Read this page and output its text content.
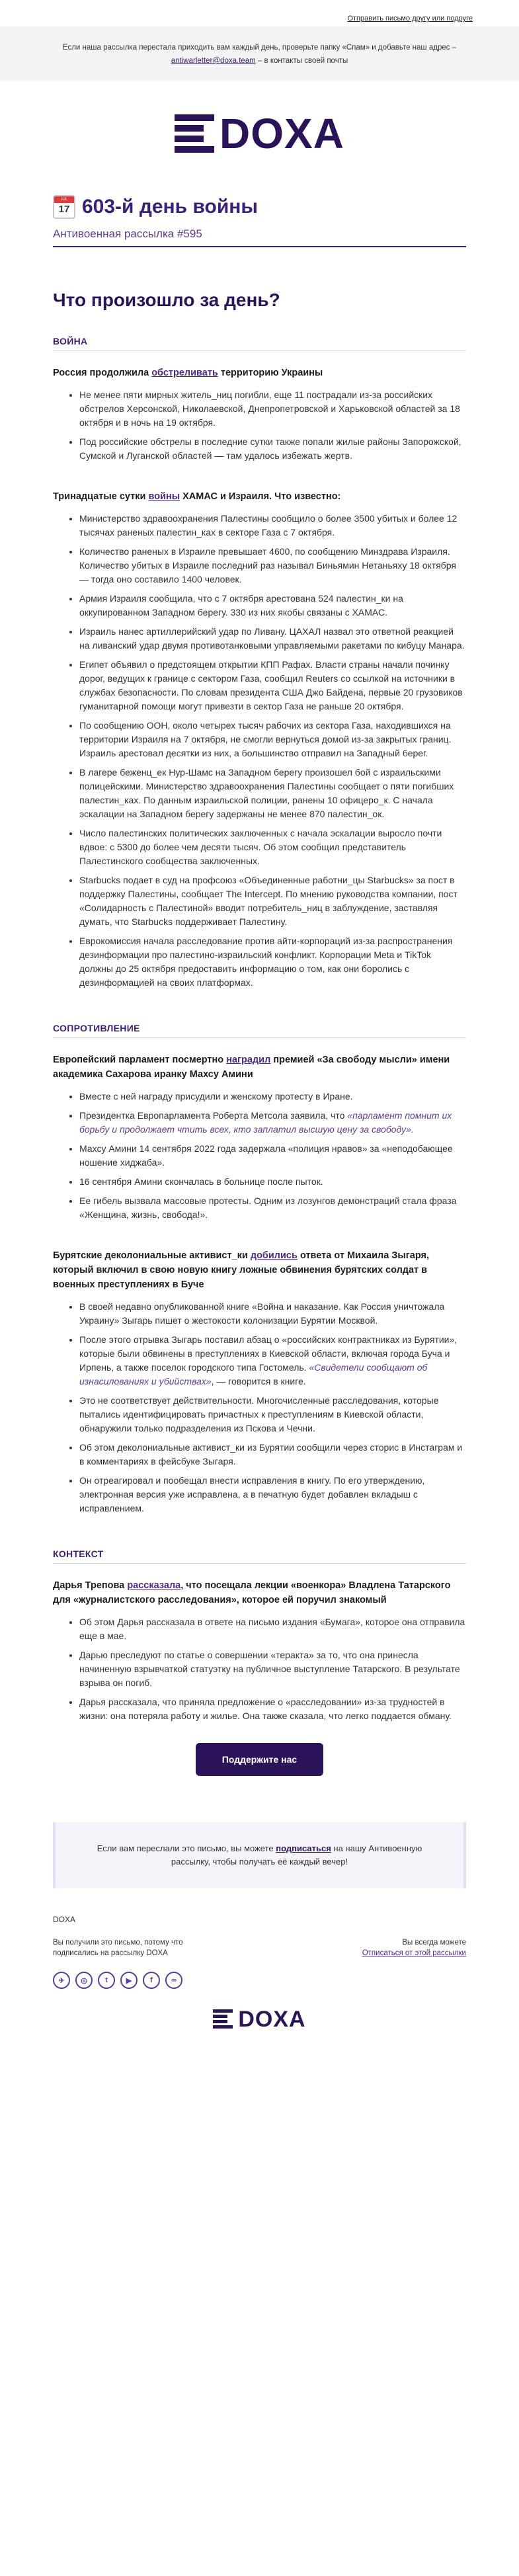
Отправить письмо другу или подруге
Если наша рассылка перестала приходить вам каждый день, проверьте папку «Спам» и добавьте наш адрес – antiwarletter@doxa.team – в контакты своей почты
DOXA
JUL
17 603-й день войны
Антивоенная рассылка #595
Что произошло за день?
ВОЙНА

Россия продолжила обстреливать территорию Украины

• Не менее пяти мирных житель_ниц погибли, еще 11 пострадали из-за российских обстрелов Херсонской, Николаевской, Днепропетровской и Харьковской областей за 18 октября и в ночь на 19 октября.
• Под российские обстрелы в последние сутки также попали жилые районы Запорожской, Сумской и Луганской областей — там удалось избежать жертв.

Тринадцатые сутки войны ХАМАС и Израиля. Что известно:

• Министерство здравоохранения Палестины сообщило о более 3500 убитых и более 12 тысячах раненых палестин_ках в секторе Газа с 7 октября.
• Количество раненых в Израиле превышает 4600, по сообщению Минздрава Израиля. Количество убитых в Израиле последний раз называл Биньямин Нетаньяху 18 октября — тогда оно составило 1400 человек.
• Армия Израиля сообщила, что с 7 октября арестована 524 палестин_ки на оккупированном Западном берегу. 330 из них якобы связаны с ХАМАС.
• Израиль нанес артиллерийский удар по Ливану. ЦАХАЛ назвал это ответной реакцией на ливанский удар двумя противотанковыми управляемыми ракетами по кибуцу Манара.
• Египет объявил о предстоящем открытии КПП Рафах. Власти страны начали починку дорог, ведущих к границе с сектором Газа, сообщил Reuters со ссылкой на источники в службах безопасности. По словам президента США Джо Байдена, первые 20 грузовиков гуманитарной помощи могут привезти в сектор Газа не раньше 20 октября.
• По сообщению ООН, около четырех тысяч рабочих из сектора Газа, находившихся на территории Израиля на 7 октября, не смогли вернуться домой из-за закрытых границ. Израиль арестовал десятки из них, а большинство отправил на Западный берег.
• В лагере беженц_ек Нур-Шамс на Западном берегу произошел бой с израильскими полицейскими. Министерство здравоохранения Палестины сообщает о пяти погибших палестин_ках. По данным израильской полиции, ранены 10 офицеро_к. С начала эскалации на Западном берегу задержаны не менее 870 палестин_ок.
• Число палестинских политических заключенных с начала эскалации выросло почти вдвое: с 5300 до более чем десяти тысяч. Об этом сообщил представитель Палестинского сообщества заключенных.
• Starbucks подает в суд на профсоюз «Объединенные работни_цы Starbucks» за пост в поддержку Палестины, сообщает The Intercept. По мнению руководства компании, пост «Солидарность с Палестиной» вводит потребитель_ниц в заблуждение, заставляя думать, что Starbucks поддерживает Палестину.
• Еврокомиссия начала расследование против айти-корпораций из-за распространения дезинформации про палестино-израильский конфликт. Корпорации Meta и TikTok должны до 25 октября предоставить информацию о том, как они боролись с дезинформацией на своих платформах.
СОПРОТИВЛЕНИЕ

Европейский парламент посмертно наградил премией «За свободу мысли» имени академика Сахарова иранку Махсу Амини

• Вместе с ней награду присудили и женскому протесту в Иране.
• Президентка Европарламента Роберта Метсола заявила, что «парламент помнит их борьбу и продолжает чтить всех, кто заплатил высшую цену за свободу».
• Махсу Амини 14 сентября 2022 года задержала «полиция нравов» за «неподобающее ношение хиджаба».
• 16 сентября Амини скончалась в больнице после пыток.
• Ее гибель вызвала массовые протесты. Одним из лозунгов демонстраций стала фраза «Женщина, жизнь, свобода!».

Бурятские деколониальные активист_ки добились ответа от Михаила Зыгаря, который включил в свою новую книгу ложные обвинения бурятских солдат в военных преступлениях в Буче

• В своей недавно опубликованной книге «Война и наказание. Как Россия уничтожала Украину» Зыгарь пишет о жестокости колонизации Бурятии Москвой.
• После этого отрывка Зыгарь поставил абзац о «российских контрактниках из Бурятии», которые были обвинены в преступлениях в Киевской области, включая города Буча и Ирпень, а также поселок городского типа Гостомель. «Свидетели сообщают об изнасилованиях и убийствах», — говорится в книге.
• Это не соответствует действительности. Многочисленные расследования, которые пытались идентифицировать причастных к преступлениям в Киевской области, обнаружили только подразделения из Пскова и Чечни.
• Об этом деколониальные активист_ки из Бурятии сообщили через сторис в Инстаграм и в комментариях в фейсбуке Зыгаря.
• Он отреагировал и пообещал внести исправления в книгу. По его утверждению, электронная версия уже исправлена, а в печатную будет добавлен вкладыш с исправлением.
КОНТЕКСТ

Дарья Трепова рассказала, что посещала лекции «военкора» Владлена Татарского для «журналистского расследования», которое ей поручил знакомый

• Об этом Дарья рассказала в ответе на письмо издания «Бумага», которое она отправила еще в мае.
• Дарью преследуют по статье о совершении «теракта» за то, что она принесла начиненную взрывчаткой статуэтку на публичное выступление Татарского. В результате взрыва он погиб.
• Дарья рассказала, что приняла предложение о «расследовании» из-за трудностей в жизни: она потеряла работу и жилье. Она также сказала, что легко поддается обману.
Поддержите нас
Если вам переслали это письмо, вы можете подписаться на нашу Антивоенную рассылку, чтобы получать её каждый вечер!
DOXA
Вы получили это письмо, потому что подписались на рассылку DOXA
Вы всегда можете
Отписаться от этой рассылки
✈	◎	t	▶	f	∞
DOXA
